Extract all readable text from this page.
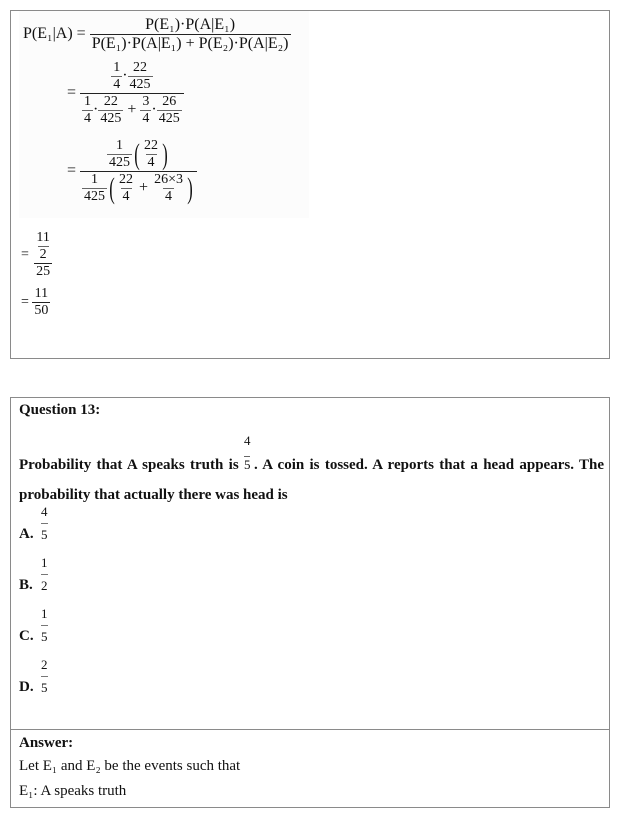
$P(E_1|A) = \frac{\text{P(E₁)·P(A|E₁)}}{\text{P(E₁)·P(A|E₁) + P(E₂)·P(A|E₂)}}$
= $\frac{\frac{1}{4} \cdot \frac{22}{425}}{\frac{1}{4} \cdot \frac{22}{425} + \frac{3}{4} \cdot \frac{26}{425}}$
= $\frac{\frac{1}{425} ( \frac{22}{4} )}{\frac{1}{425} ( \frac{22}{4} + \frac{26\times 3}{4} )}$
= $\frac{\frac{11}{2}}{25}$
= $\frac{11}{50}$
Question 13:
Probability that A speaks truth is $\frac{4}{5}$. A coin is tossed. A reports that a head appears. The probability that actually there was head is
A.
4
5
B.
1
2
C.
1
5
D.
2
5
Answer:
Let E₁ and E₂ be the events such that
E₁: A speaks truth
